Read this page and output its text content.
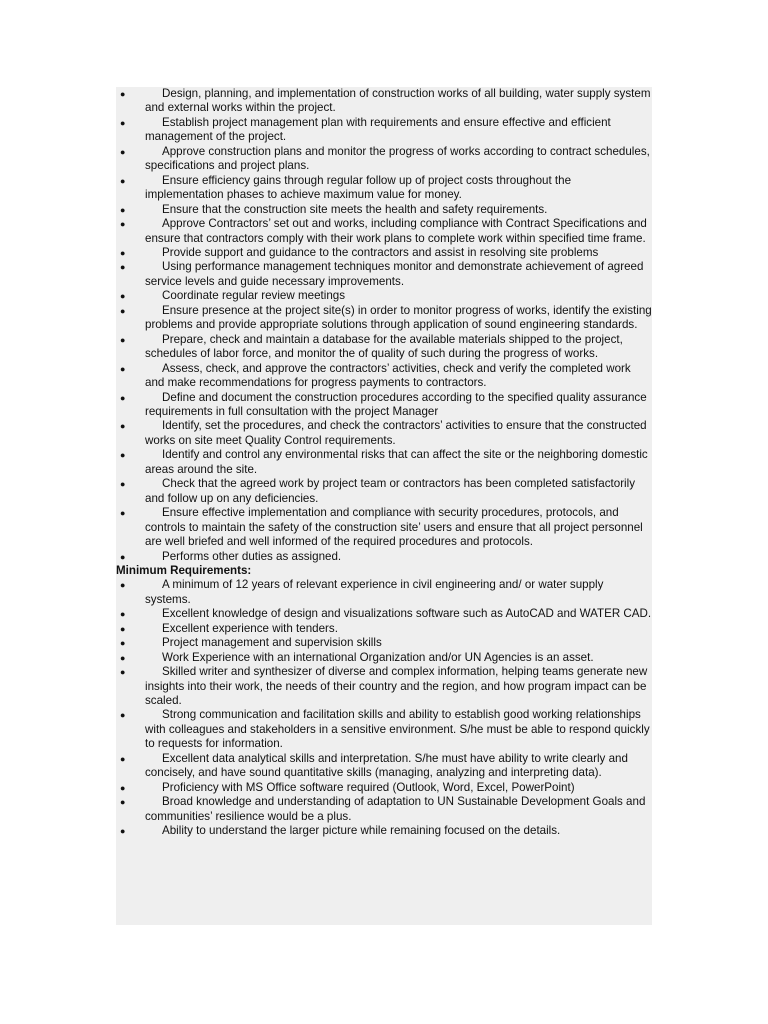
●	Design, planning, and implementation of construction works of all building, water supply system and external works within the project.
●	Establish project management plan with requirements and ensure effective and efficient management of the project.
●	Approve construction plans and monitor the progress of works according to contract schedules, specifications and project plans.
●	Ensure efficiency gains through regular follow up of project costs throughout the implementation phases to achieve maximum value for money.
●	Ensure that the construction site meets the health and safety requirements.
●	Approve Contractors’ set out and works, including compliance with Contract Specifications and ensure that contractors comply with their work plans to complete work within specified time frame.
●	Provide support and guidance to the contractors and assist in resolving site problems
●	Using performance management techniques monitor and demonstrate achievement of agreed service levels and guide necessary improvements.
●	Coordinate regular review meetings
●	Ensure presence at the project site(s) in order to monitor progress of works, identify the existing problems and provide appropriate solutions through application of sound engineering standards.
●	Prepare, check and maintain a database for the available materials shipped to the project, schedules of labor force, and monitor the of quality of such during the progress of works.
●	Assess, check, and approve the contractors’ activities, check and verify the completed work and make recommendations for progress payments to contractors.
●	Define and document the construction procedures according to the specified quality assurance requirements in full consultation with the project Manager
●	Identify, set the procedures, and check the contractors’ activities to ensure that the constructed works on site meet Quality Control requirements.
●	Identify and control any environmental risks that can affect the site or the neighboring domestic areas around the site.
●	Check that the agreed work by project team or contractors has been completed satisfactorily and follow up on any deficiencies.
●	Ensure effective implementation and compliance with security procedures, protocols, and controls to maintain the safety of the construction site’ users and ensure that all project personnel are well briefed and well informed of the required procedures and protocols.
●	Performs other duties as assigned.
Minimum Requirements:
●	A minimum of 12 years of relevant experience in civil engineering and/ or water supply systems.
●	Excellent knowledge of design and visualizations software such as AutoCAD and WATER CAD.
●	Excellent experience with tenders.
●	Project management and supervision skills
●	Work Experience with an international Organization and/or UN Agencies is an asset.
●	Skilled writer and synthesizer of diverse and complex information, helping teams generate new insights into their work, the needs of their country and the region, and how program impact can be scaled.
●	Strong communication and facilitation skills and ability to establish good working relationships with colleagues and stakeholders in a sensitive environment. S/he must be able to respond quickly to requests for information.
●	Excellent data analytical skills and interpretation. S/he must have ability to write clearly and concisely, and have sound quantitative skills (managing, analyzing and interpreting data).
●	Proficiency with MS Office software required (Outlook, Word, Excel, PowerPoint)
●	Broad knowledge and understanding of adaptation to UN Sustainable Development Goals and communities’ resilience would be a plus.
●	Ability to understand the larger picture while remaining focused on the details.
